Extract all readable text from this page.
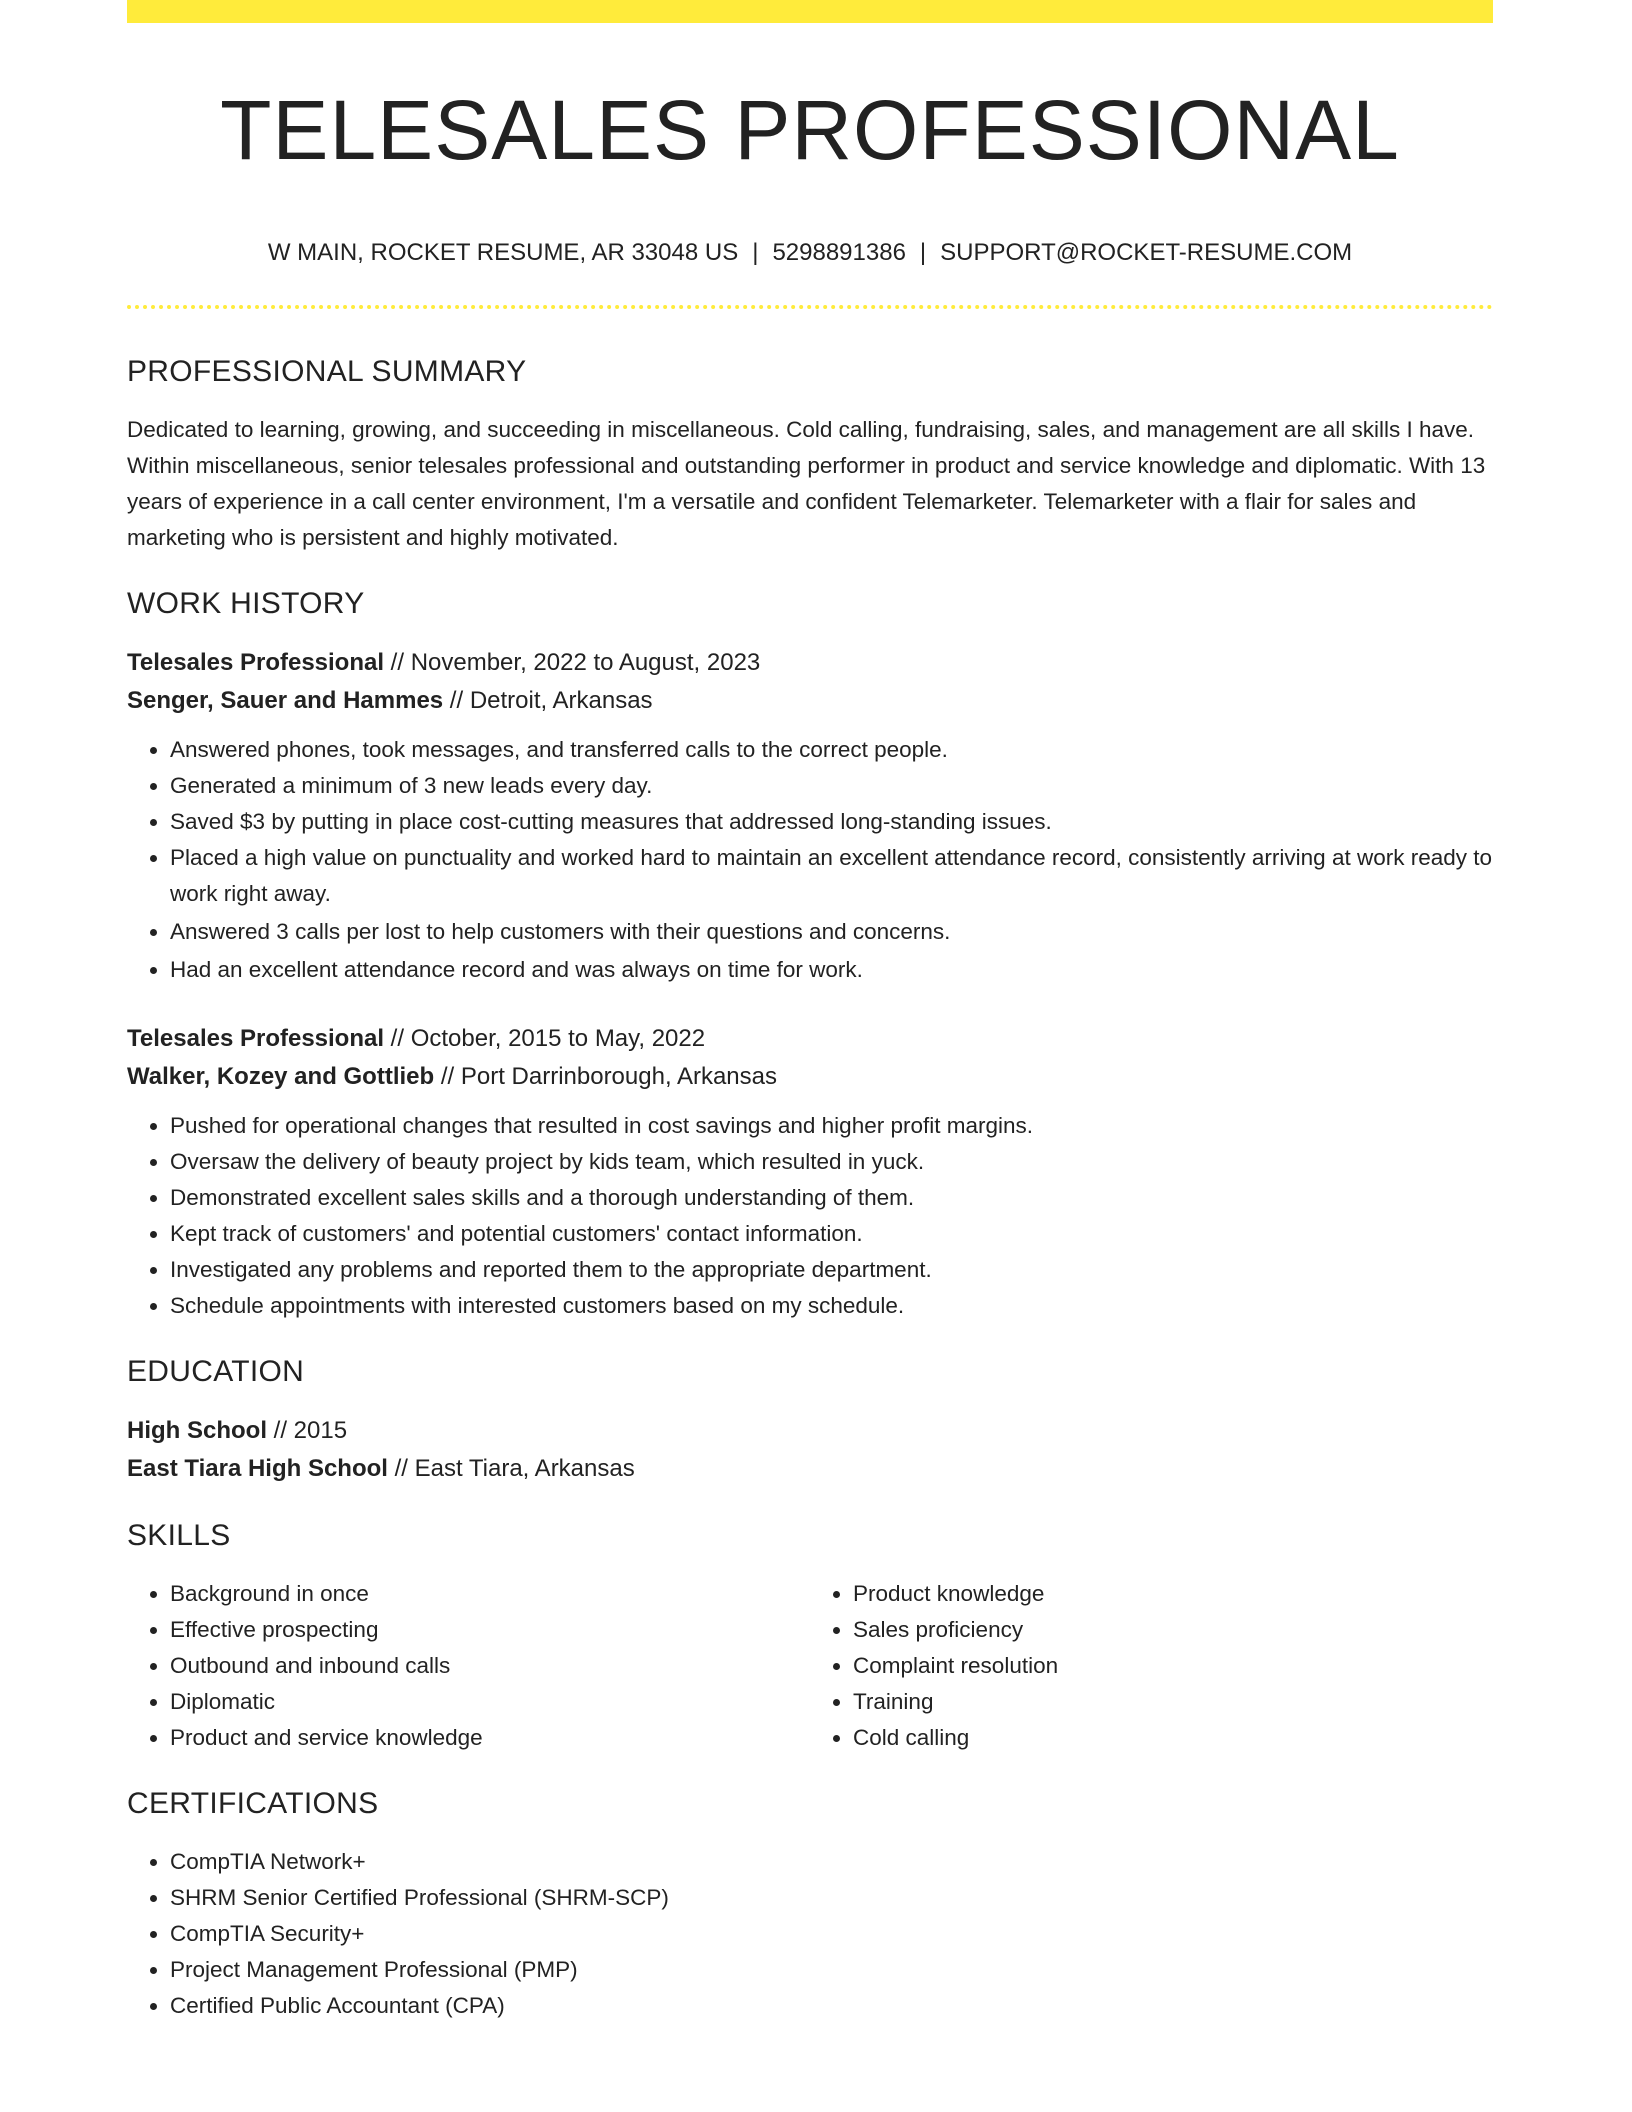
TELESALES PROFESSIONAL
W MAIN, ROCKET RESUME, AR 33048 US | 5298891386 | SUPPORT@ROCKET-RESUME.COM
PROFESSIONAL SUMMARY

Dedicated to learning, growing, and succeeding in miscellaneous. Cold calling, fundraising, sales, and management are all skills I have. Within miscellaneous, senior telesales professional and outstanding performer in product and service knowledge and diplomatic. With 13 years of experience in a call center environment, I'm a versatile and confident Telemarketer. Telemarketer with a flair for sales and marketing who is persistent and highly motivated.

WORK HISTORY
Telesales Professional // November, 2022 to August, 2023
Senger, Sauer and Hammes // Detroit, Arkansas
• Answered phones, took messages, and transferred calls to the correct people.
• Generated a minimum of 3 new leads every day.
• Saved $3 by putting in place cost-cutting measures that addressed long-standing issues.
• Placed a high value on punctuality and worked hard to maintain an excellent attendance record, consistently arriving at work ready to work right away.
• Answered 3 calls per lost to help customers with their questions and concerns.
• Had an excellent attendance record and was always on time for work.
Telesales Professional // October, 2015 to May, 2022
Walker, Kozey and Gottlieb // Port Darrinborough, Arkansas
• Pushed for operational changes that resulted in cost savings and higher profit margins.
• Oversaw the delivery of beauty project by kids team, which resulted in yuck.
• Demonstrated excellent sales skills and a thorough understanding of them.
• Kept track of customers' and potential customers' contact information.
• Investigated any problems and reported them to the appropriate department.
• Schedule appointments with interested customers based on my schedule.
EDUCATION
High School // 2015
East Tiara High School // East Tiara, Arkansas
SKILLS
• Background in once
• Effective prospecting
• Outbound and inbound calls
• Diplomatic
• Product and service knowledge
• Product knowledge
• Sales proficiency
• Complaint resolution
• Training
• Cold calling
CERTIFICATIONS
• CompTIA Network+
• SHRM Senior Certified Professional (SHRM-SCP)
• CompTIA Security+
• Project Management Professional (PMP)
• Certified Public Accountant (CPA)
